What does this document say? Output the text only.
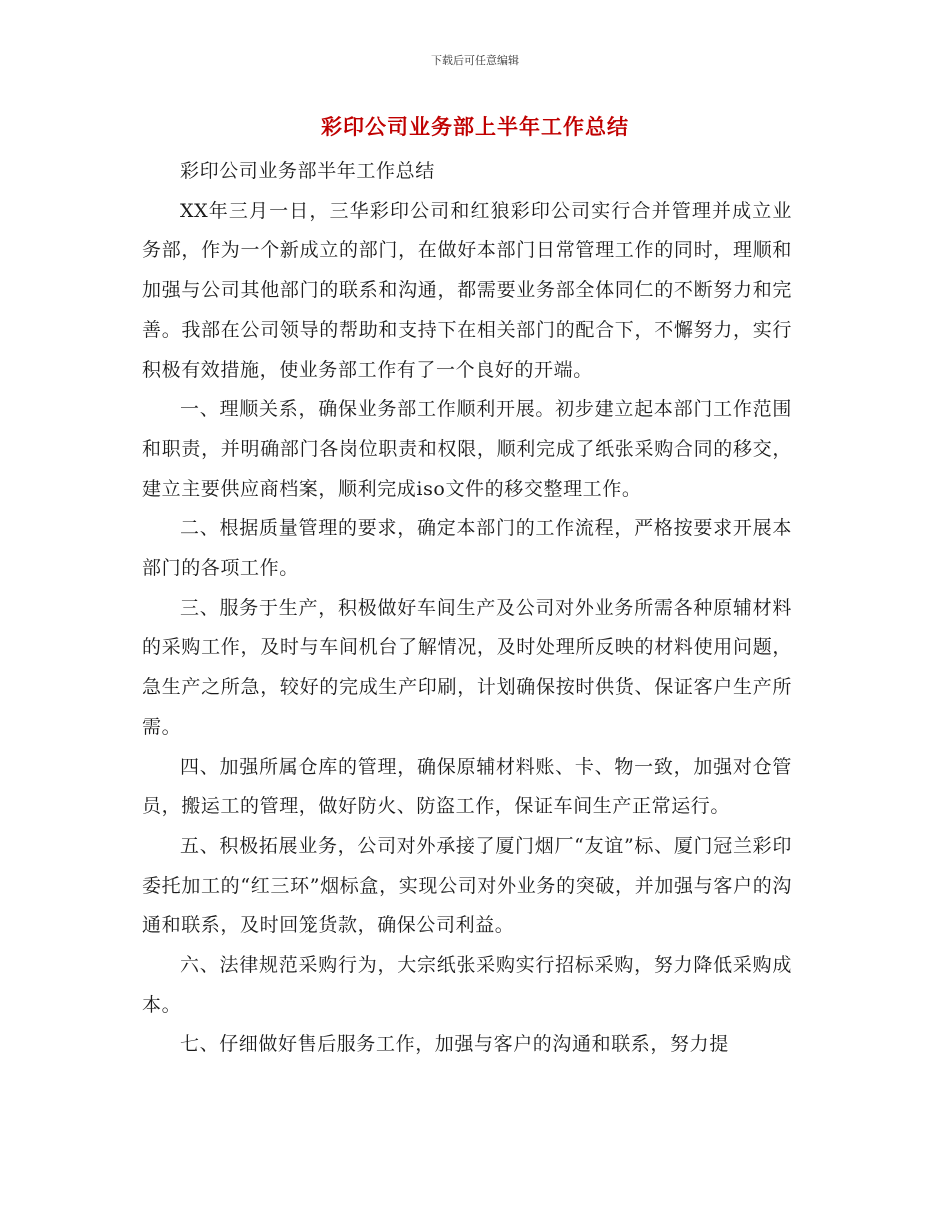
下载后可任意编辑
彩印公司业务部上半年工作总结

彩印公司业务部半年工作总结

XX年三月一日，三华彩印公司和红狼彩印公司实行合并管理并成立业务部，作为一个新成立的部门，在做好本部门日常管理工作的同时，理顺和加强与公司其他部门的联系和沟通，都需要业务部全体同仁的不断努力和完善。我部在公司领导的帮助和支持下在相关部门的配合下，不懈努力，实行积极有效措施，使业务部工作有了一个良好的开端。

一、理顺关系，确保业务部工作顺利开展。初步建立起本部门工作范围和职责，并明确部门各岗位职责和权限，顺利完成了纸张采购合同的移交，建立主要供应商档案，顺利完成iso文件的移交整理工作。

二、根据质量管理的要求，确定本部门的工作流程，严格按要求开展本部门的各项工作。

三、服务于生产，积极做好车间生产及公司对外业务所需各种原辅材料的采购工作，及时与车间机台了解情况，及时处理所反映的材料使用问题，急生产之所急，较好的完成生产印刷，计划确保按时供货、保证客户生产所需。

四、加强所属仓库的管理，确保原辅材料账、卡、物一致，加强对仓管员，搬运工的管理，做好防火、防盗工作，保证车间生产正常运行。

五、积极拓展业务，公司对外承接了厦门烟厂“友谊”标、厦门冠兰彩印委托加工的“红三环”烟标盒，实现公司对外业务的突破，并加强与客户的沟通和联系，及时回笼货款，确保公司利益。

六、法律规范采购行为，大宗纸张采购实行招标采购，努力降低采购成本。

七、仔细做好售后服务工作，加强与客户的沟通和联系，努力提
